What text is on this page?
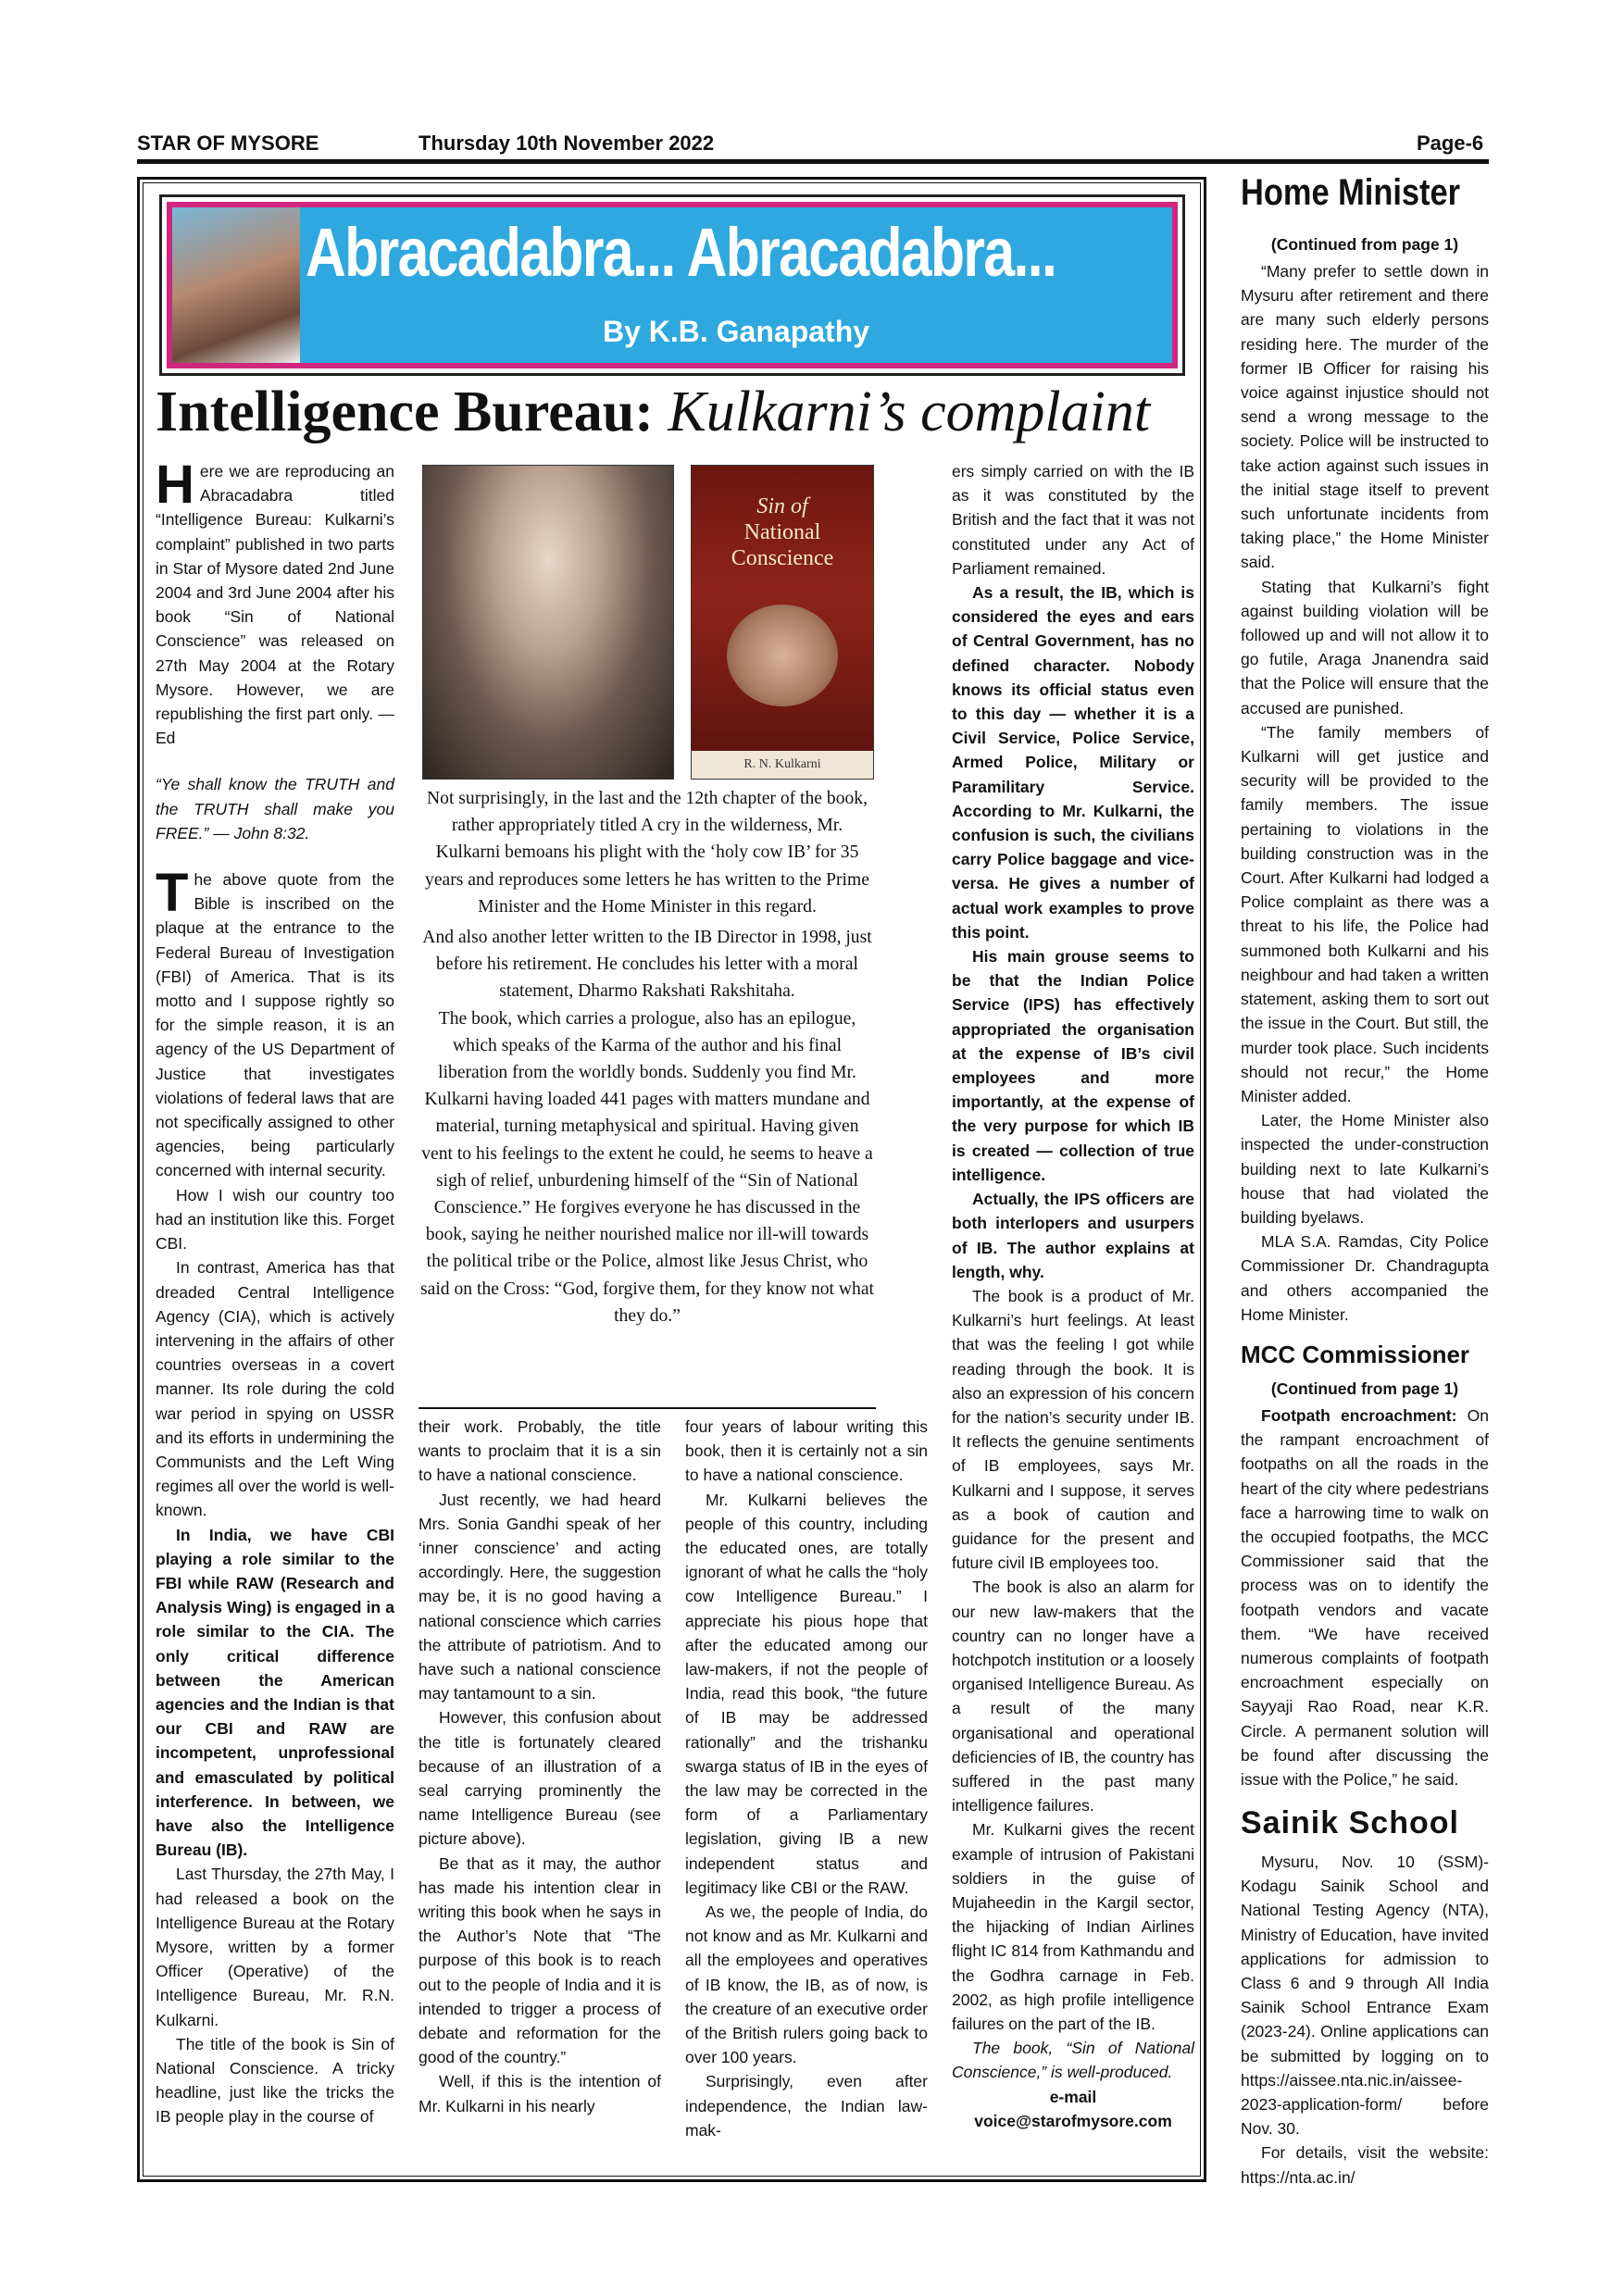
STAR OF MYSORE	Thursday 10th November 2022	Page-6
Abracadabra... Abracadabra...
By K.B. Ganapathy
Intelligence Bureau: Kulkarni’s complaint

Here we are reproducing an Abracadabra titled “Intelligence Bureau: Kulkarni’s complaint” published in two parts in Star of Mysore dated 2nd June 2004 and 3rd June 2004 after his book “Sin of National Conscience” was released on 27th May 2004 at the Rotary Mysore. However, we are republishing the first part only. — Ed

“Ye shall know the TRUTH and the TRUTH shall make you FREE.” — John 8:32.

The above quote from the Bible is inscribed on the plaque at the entrance to the Federal Bureau of Investigation (FBI) of America. That is its motto and I suppose rightly so for the simple reason, it is an agency of the US Department of Justice that investigates violations of federal laws that are not specifically assigned to other agencies, being particularly concerned with internal security.

How I wish our country too had an institution like this. Forget CBI.

In contrast, America has that dreaded Central Intelligence Agency (CIA), which is actively intervening in the affairs of other countries overseas in a covert manner. Its role during the cold war period in spying on USSR and its efforts in undermining the Communists and the Left Wing regimes all over the world is well-known.

In India, we have CBI playing a role similar to the FBI while RAW (Research and Analysis Wing) is engaged in a role similar to the CIA. The only critical difference between the American agencies and the Indian is that our CBI and RAW are incompetent, unprofessional and emasculated by political interference. In between, we have also the Intelligence Bureau (IB).

Last Thursday, the 27th May, I had released a book on the Intelligence Bureau at the Rotary Mysore, written by a former Officer (Operative) of the Intelligence Bureau, Mr. R.N. Kulkarni.

The title of the book is Sin of National Conscience. A tricky headline, just like the tricks the IB people play in the course of

Sin of
National Conscience
R. N. Kulkarni

Not surprisingly, in the last and the 12th chapter of the book, rather appropriately titled A cry in the wilderness, Mr. Kulkarni bemoans his plight with the ‘holy cow IB’ for 35 years and reproduces some letters he has written to the Prime Minister and the Home Minister in this regard.

And also another letter written to the IB Director in 1998, just before his retirement. He concludes his letter with a moral statement, Dharmo Rakshati Rakshitaha.

The book, which carries a prologue, also has an epilogue, which speaks of the Karma of the author and his final liberation from the worldly bonds. Suddenly you find Mr. Kulkarni having loaded 441 pages with matters mundane and material, turning metaphysical and spiritual. Having given vent to his feelings to the extent he could, he seems to heave a sigh of relief, unburdening himself of the “Sin of National Conscience.” He forgives everyone he has discussed in the book, saying he neither nourished malice nor ill-will towards the political tribe or the Police, almost like Jesus Christ, who said on the Cross: “God, forgive them, for they know not what they do.”

their work. Probably, the title wants to proclaim that it is a sin to have a national conscience.

Just recently, we had heard Mrs. Sonia Gandhi speak of her ‘inner conscience’ and acting accordingly. Here, the suggestion may be, it is no good having a national conscience which carries the attribute of patriotism. And to have such a national conscience may tantamount to a sin.

However, this confusion about the title is fortunately cleared because of an illustration of a seal carrying prominently the name Intelligence Bureau (see picture above).

Be that as it may, the author has made his intention clear in writing this book when he says in the Author’s Note that “The purpose of this book is to reach out to the people of India and it is intended to trigger a process of debate and reformation for the good of the country.”

Well, if this is the intention of Mr. Kulkarni in his nearly

four years of labour writing this book, then it is certainly not a sin to have a national conscience.

Mr. Kulkarni believes the people of this country, including the educated ones, are totally ignorant of what he calls the “holy cow Intelligence Bureau.” I appreciate his pious hope that after the educated among our law-makers, if not the people of India, read this book, “the future of IB may be addressed rationally” and the trishanku swarga status of IB in the eyes of the law may be corrected in the form of a Parliamentary legislation, giving IB a new independent status and legitimacy like CBI or the RAW.

As we, the people of India, do not know and as Mr. Kulkarni and all the employees and operatives of IB know, the IB, as of now, is the creature of an executive order of the British rulers going back to over 100 years.

Surprisingly, even after independence, the Indian law-mak-

ers simply carried on with the IB as it was constituted by the British and the fact that it was not constituted under any Act of Parliament remained.

As a result, the IB, which is considered the eyes and ears of Central Government, has no defined character. Nobody knows its official status even to this day — whether it is a Civil Service, Police Service, Armed Police, Military or Paramilitary Service. According to Mr. Kulkarni, the confusion is such, the civilians carry Police baggage and vice-versa. He gives a number of actual work examples to prove this point.

His main grouse seems to be that the Indian Police Service (IPS) has effectively appropriated the organisation at the expense of IB’s civil employees and more importantly, at the expense of the very purpose for which IB is created — collection of true intelligence.

Actually, the IPS officers are both interlopers and usurpers of IB. The author explains at length, why.

The book is a product of Mr. Kulkarni’s hurt feelings. At least that was the feeling I got while reading through the book. It is also an expression of his concern for the nation’s security under IB. It reflects the genuine sentiments of IB employees, says Mr. Kulkarni and I suppose, it serves as a book of caution and guidance for the present and future civil IB employees too.

The book is also an alarm for our new law-makers that the country can no longer have a hotchpotch institution or a loosely organised Intelligence Bureau. As a result of the many organisational and operational deficiencies of IB, the country has suffered in the past many intelligence failures.

Mr. Kulkarni gives the recent example of intrusion of Pakistani soldiers in the guise of Mujaheedin in the Kargil sector, the hijacking of Indian Airlines flight IC 814 from Kathmandu and the Godhra carnage in Feb. 2002, as high profile intelligence failures on the part of the IB.

The book, “Sin of National Conscience,” is well-produced.

e-mail

voice@starofmysore.com

Home Minister
(Continued from page 1)

“Many prefer to settle down in Mysuru after retirement and there are many such elderly persons residing here. The murder of the former IB Officer for raising his voice against injustice should not send a wrong message to the society. Police will be instructed to take action against such issues in the initial stage itself to prevent such unfortunate incidents from taking place,” the Home Minister said.

Stating that Kulkarni’s fight against building violation will be followed up and will not allow it to go futile, Araga Jnanendra said that the Police will ensure that the accused are punished.

“The family members of Kulkarni will get justice and security will be provided to the family members. The issue pertaining to violations in the building construction was in the Court. After Kulkarni had lodged a Police complaint as there was a threat to his life, the Police had summoned both Kulkarni and his neighbour and had taken a written statement, asking them to sort out the issue in the Court. But still, the murder took place. Such incidents should not recur,” the Home Minister added.

Later, the Home Minister also inspected the under-construction building next to late Kulkarni’s house that had violated the building byelaws.

MLA S.A. Ramdas, City Police Commissioner Dr. Chandragupta and others accompanied the Home Minister.

MCC Commissioner
(Continued from page 1)

Footpath encroachment: On the rampant encroachment of footpaths on all the roads in the heart of the city where pedestrians face a harrowing time to walk on the occupied footpaths, the MCC Commissioner said that the process was on to identify the footpath vendors and vacate them. “We have received numerous complaints of footpath encroachment especially on Sayyaji Rao Road, near K.R. Circle. A permanent solution will be found after discussing the issue with the Police,” he said.

Sainik School

Mysuru, Nov. 10 (SSM)- Kodagu Sainik School and National Testing Agency (NTA), Ministry of Education, have invited applications for admission to Class 6 and 9 through All India Sainik School Entrance Exam (2023-24). Online applications can be submitted by logging on to https://aissee.nta.nic.in/aissee-2023-application-form/ before Nov. 30.

For details, visit the website: https://nta.ac.in/
